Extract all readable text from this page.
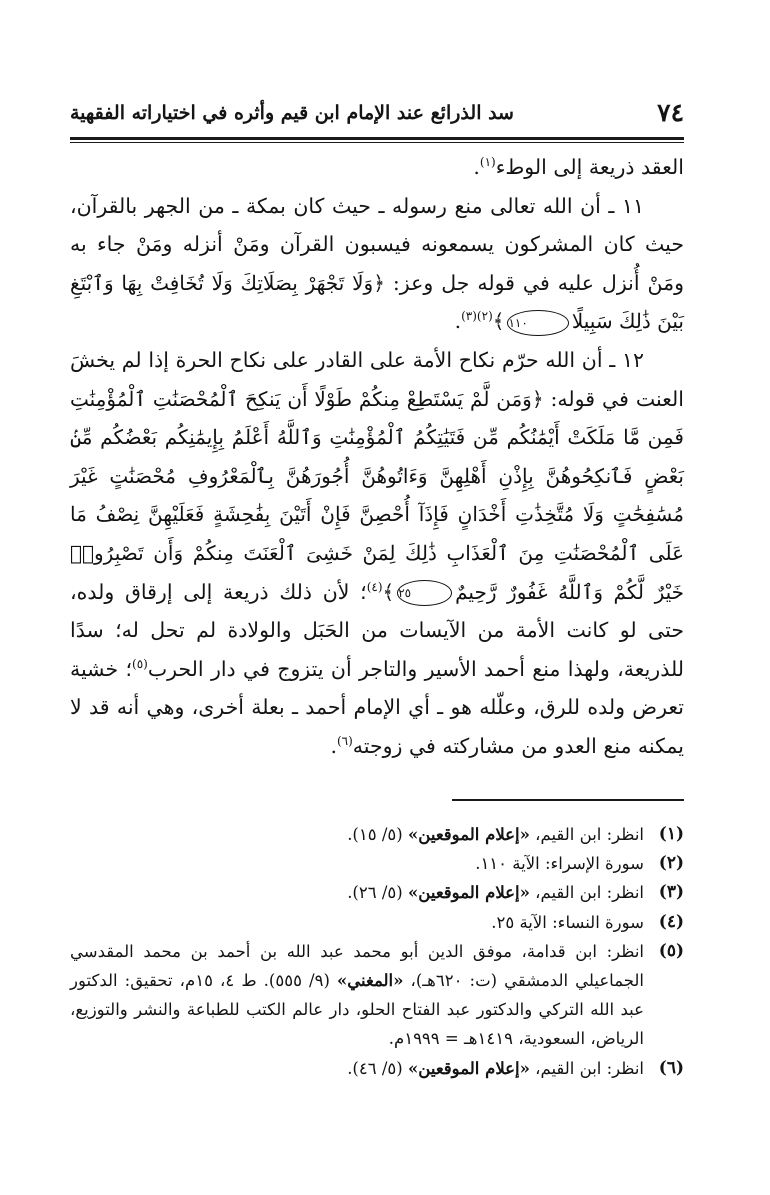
٧٤
سد الذرائع عند الإمام ابن قيم وأثره في اختياراته الفقهية

العقد ذريعة إلى الوطء$^{(١)}$.

١١ ـ أن الله تعالى منع رسوله ـ حيث كان بمكة ـ من الجهر بالقرآن، حيث كان المشركون يسمعونه فيسبون القرآن ومَنْ أنزله ومَنْ جاء به ومَنْ أُنزل عليه في قوله جل وعز: ﴿وَلَا تَجْهَرْ بِصَلَاتِكَ وَلَا تُخَافِتْ بِهَا وَٱبْتَغِ بَيْنَ ذَٰلِكَ سَبِيلًا١١٠﴾$^{(٢)(٣)}$.

١٢ ـ أن الله حرّم نكاح الأمة على القادر على نكاح الحرة إذا لم يخشَ العنت في قوله: ﴿وَمَن لَّمْ يَسْتَطِعْ مِنكُمْ طَوْلًا أَن يَنكِحَ ٱلْمُحْصَنَٰتِ ٱلْمُؤْمِنَٰتِ فَمِن مَّا مَلَكَتْ أَيْمَٰنُكُم مِّن فَتَيَٰتِكُمُ ٱلْمُؤْمِنَٰتِ وَٱللَّهُ أَعْلَمُ بِإِيمَٰنِكُم بَعْضُكُم مِّنۢ بَعْضٍ فَٱنكِحُوهُنَّ بِإِذْنِ أَهْلِهِنَّ وَءَاتُوهُنَّ أُجُورَهُنَّ بِٱلْمَعْرُوفِ مُحْصَنَٰتٍ غَيْرَ مُسَٰفِحَٰتٍ وَلَا مُتَّخِذَٰتِ أَخْدَانٍ فَإِذَآ أُحْصِنَّ فَإِنْ أَتَيْنَ بِفَٰحِشَةٍ فَعَلَيْهِنَّ نِصْفُ مَا عَلَى ٱلْمُحْصَنَٰتِ مِنَ ٱلْعَذَابِ ذَٰلِكَ لِمَنْ خَشِىَ ٱلْعَنَتَ مِنكُمْ وَأَن تَصْبِرُوا۟ خَيْرٌ لَّكُمْ وَٱللَّهُ غَفُورٌ رَّحِيمٌ٢٥﴾$^{(٤)}$؛ لأن ذلك ذريعة إلى إرقاق ولده، حتى لو كانت الأمة من الآيسات من الحَبَل والولادة لم تحل له؛ سدًا للذريعة، ولهذا منع أحمد الأسير والتاجر أن يتزوج في دار الحرب$^{(٥)}$؛ خشية تعرض ولده للرق، وعلّله هو ـ أي الإمام أحمد ـ بعلة أخرى، وهي أنه قد لا يمكنه منع العدو من مشاركته في زوجته$^{(٦)}$.

(١)
انظر: ابن القيم، «إعلام الموقعين» (٥/ ١٥).
(٢)
سورة الإسراء: الآية ١١٠.
(٣)
انظر: ابن القيم، «إعلام الموقعين» (٥/ ٢٦).
(٤)
سورة النساء: الآية ٢٥.
(٥)
انظر: ابن قدامة، موفق الدين أبو محمد عبد الله بن أحمد بن محمد المقدسي الجماعيلي الدمشقي (ت: ٦٢٠هـ)، «المغني» (٩/ ٥٥٥). ط ٤، ١٥م، تحقيق: الدكتور عبد الله التركي والدكتور عبد الفتاح الحلو، دار عالم الكتب للطباعة والنشر والتوزيع، الرياض، السعودية، ١٤١٩هـ = ١٩٩٩م.
(٦)
انظر: ابن القيم، «إعلام الموقعين» (٥/ ٤٦).
